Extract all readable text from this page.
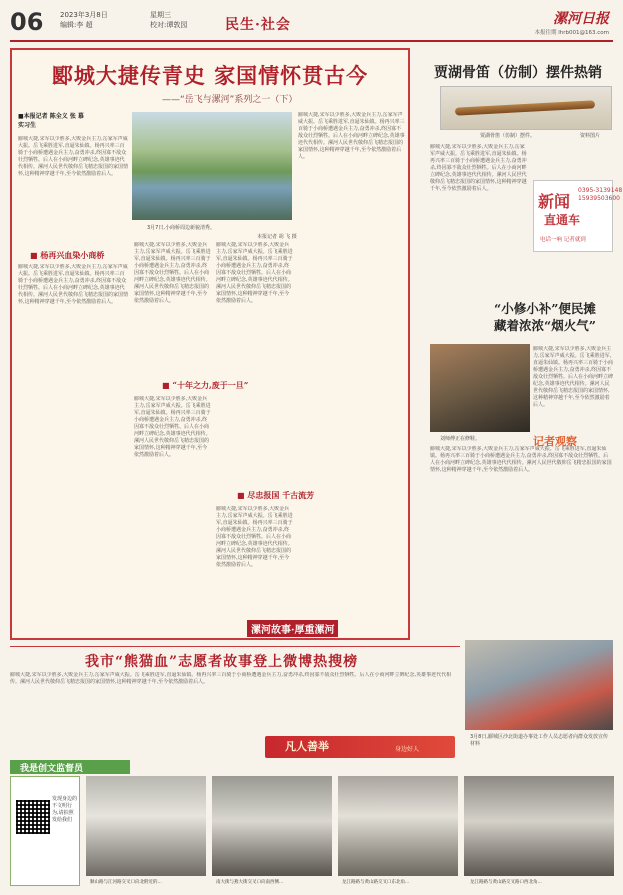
06 2023年3月8日
编辑:李 超
星期三
校对:谭敦园	民生·社会	漯河日报
本报往期 lhrb001@163.com
郾城大捷传青史 家国情怀贯古今
——“岳飞与漯河”系列之一（下）
■本报记者 陈全义 张 慕 实习生
郾城大捷,宋军以少胜多,大败金兵主力,岳家军声威大振。岳飞乘胜进军,直逼朱仙镇。杨再兴率三百骑于小商桥遭遇金兵主力,奋勇冲杀,终因寡不敌众壮烈牺牲。后人在小商河畔立碑纪念,英雄事迹代代相传。漯河人民世代敬仰岳飞精忠报国的家国情怀,这种精神穿越千年,至今依然激励着后人。
■ 杨再兴血染小商桥
郾城大捷,宋军以少胜多,大败金兵主力,岳家军声威大振。岳飞乘胜进军,直逼朱仙镇。杨再兴率三百骑于小商桥遭遇金兵主力,奋勇冲杀,终因寡不敌众壮烈牺牲。后人在小商河畔立碑纪念,英雄事迹代代相传。漯河人民世代敬仰岳飞精忠报国的家国情怀,这种精神穿越千年,至今依然激励着后人。
3月7日,小商桥周边新貌清秀。
本报记者 胡 飞 摄
郾城大捷,宋军以少胜多,大败金兵主力,岳家军声威大振。岳飞乘胜进军,直逼朱仙镇。杨再兴率三百骑于小商桥遭遇金兵主力,奋勇冲杀,终因寡不敌众壮烈牺牲。后人在小商河畔立碑纪念,英雄事迹代代相传。漯河人民世代敬仰岳飞精忠报国的家国情怀,这种精神穿越千年,至今依然激励着后人。
郾城大捷,宋军以少胜多,大败金兵主力,岳家军声威大振。岳飞乘胜进军,直逼朱仙镇。杨再兴率三百骑于小商桥遭遇金兵主力,奋勇冲杀,终因寡不敌众壮烈牺牲。后人在小商河畔立碑纪念,英雄事迹代代相传。漯河人民世代敬仰岳飞精忠报国的家国情怀,这种精神穿越千年,至今依然激励着后人。
■ “十年之力,废于一旦”
郾城大捷,宋军以少胜多,大败金兵主力,岳家军声威大振。岳飞乘胜进军,直逼朱仙镇。杨再兴率三百骑于小商桥遭遇金兵主力,奋勇冲杀,终因寡不敌众壮烈牺牲。后人在小商河畔立碑纪念,英雄事迹代代相传。漯河人民世代敬仰岳飞精忠报国的家国情怀,这种精神穿越千年,至今依然激励着后人。
郾城大捷,宋军以少胜多,大败金兵主力,岳家军声威大振。岳飞乘胜进军,直逼朱仙镇。杨再兴率三百骑于小商桥遭遇金兵主力,奋勇冲杀,终因寡不敌众壮烈牺牲。后人在小商河畔立碑纪念,英雄事迹代代相传。漯河人民世代敬仰岳飞精忠报国的家国情怀,这种精神穿越千年,至今依然激励着后人。
■ 尽忠报国 千古流芳
郾城大捷,宋军以少胜多,大败金兵主力,岳家军声威大振。岳飞乘胜进军,直逼朱仙镇。杨再兴率三百骑于小商桥遭遇金兵主力,奋勇冲杀,终因寡不敌众壮烈牺牲。后人在小商河畔立碑纪念,英雄事迹代代相传。漯河人民世代敬仰岳飞精忠报国的家国情怀,这种精神穿越千年,至今依然激励着后人。
漯河故事·厚重漯河
贾湖骨笛（仿制）摆件热销
贾湖骨笛（仿制）摆件。	资料图片
郾城大捷,宋军以少胜多,大败金兵主力,岳家军声威大振。岳飞乘胜进军,直逼朱仙镇。杨再兴率三百骑于小商桥遭遇金兵主力,奋勇冲杀,终因寡不敌众壮烈牺牲。后人在小商河畔立碑纪念,英雄事迹代代相传。漯河人民世代敬仰岳飞精忠报国的家国情怀,这种精神穿越千年,至今依然激励着后人。
新闻
0395-3139148
15939503600
直通车
电话一响 记者就到
“小修小补”便民摊
藏着浓浓“烟火气”
刘师傅正在修鞋。
郾城大捷,宋军以少胜多,大败金兵主力,岳家军声威大振。岳飞乘胜进军,直逼朱仙镇。杨再兴率三百骑于小商桥遭遇金兵主力,奋勇冲杀,终因寡不敌众壮烈牺牲。后人在小商河畔立碑纪念,英雄事迹代代相传。漯河人民世代敬仰岳飞精忠报国的家国情怀,这种精神穿越千年,至今依然激励着后人。
记者观察
郾城大捷,宋军以少胜多,大败金兵主力,岳家军声威大振。岳飞乘胜进军,直逼朱仙镇。杨再兴率三百骑于小商桥遭遇金兵主力,奋勇冲杀,终因寡不敌众壮烈牺牲。后人在小商河畔立碑纪念,英雄事迹代代相传。漯河人民世代敬仰岳飞精忠报国的家国情怀,这种精神穿越千年,至今依然激励着后人。
3月8日,郾城区沙北街道办事处工作人员志愿者向群众发放宣传材料
我市“熊猫血”志愿者故事登上微博热搜榜
郾城大捷,宋军以少胜多,大败金兵主力,岳家军声威大振。岳飞乘胜进军,直逼朱仙镇。杨再兴率三百骑于小商桥遭遇金兵主力,奋勇冲杀,终因寡不敌众壮烈牺牲。后人在小商河畔立碑纪念,英雄事迹代代相传。漯河人民世代敬仰岳飞精忠报国的家国情怀,这种精神穿越千年,至今依然激励着后人。
凡人善举	身边好人
我是创文监督员
发现身边的不文明行为,请拍照发给我们
顺山路与江河路交叉口向北附近的...	南大街与燕大街交叉口向南西侧...	龙江路路与黄山路交叉口东北角...	龙江路路与黄山路交叉路口西北角...
